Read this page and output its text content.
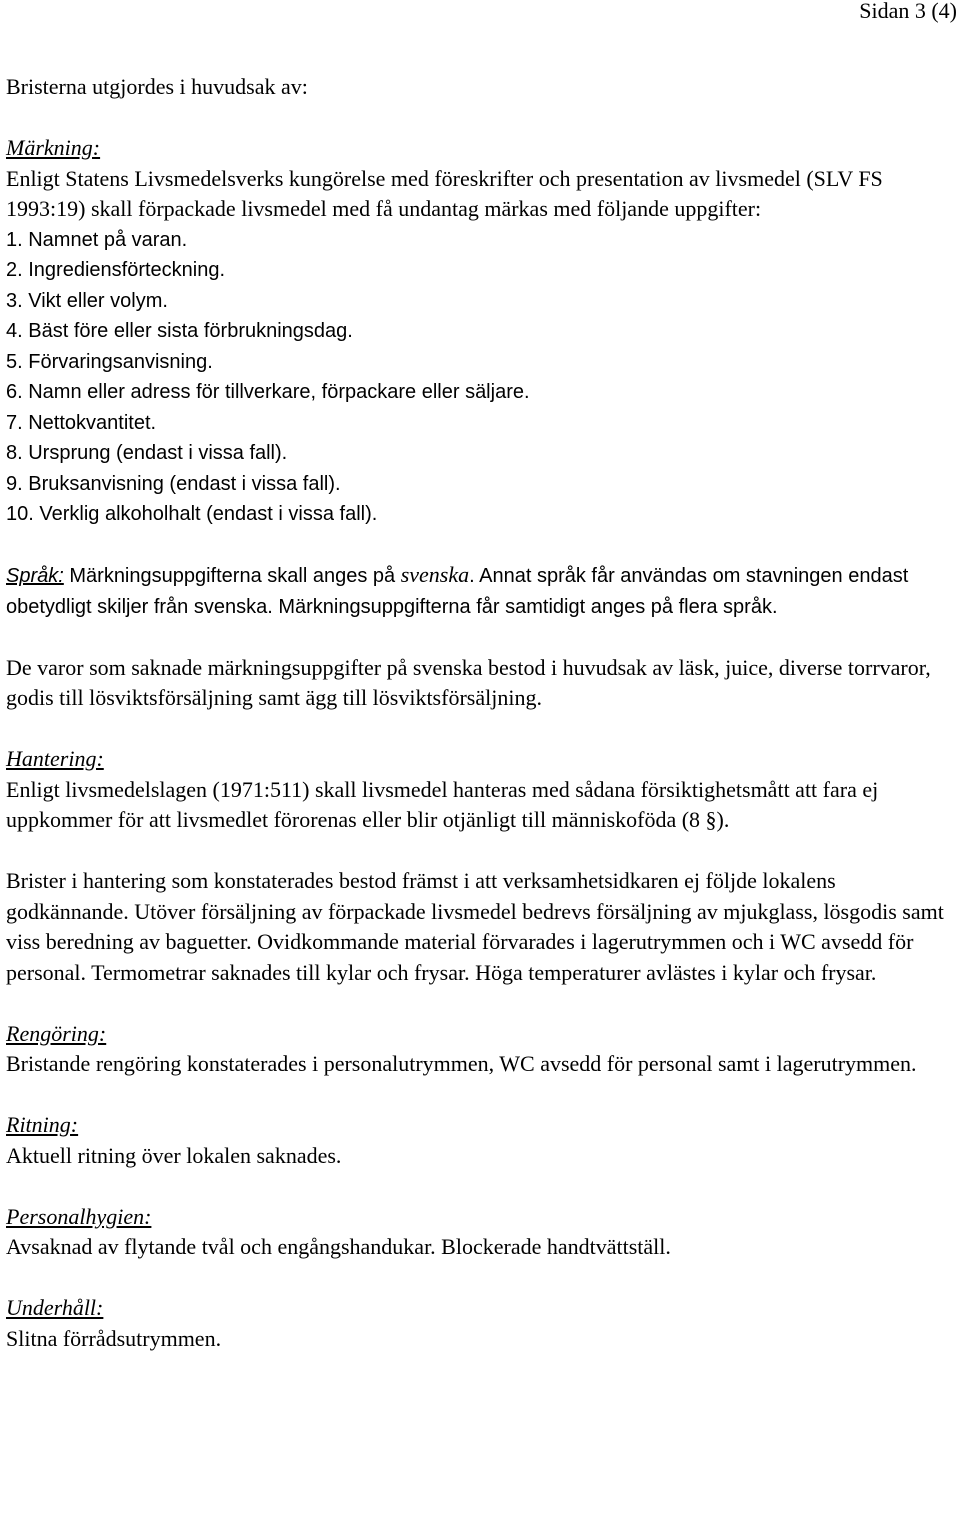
Sidan 3 (4)

Bristerna utgjordes i huvudsak av:

Märkning:

Enligt Statens Livsmedelsverks kungörelse med föreskrifter och presentation av livsmedel (SLV FS 1993:19) skall förpackade livsmedel med få undantag märkas med följande uppgifter:

1. Namnet på varan.

2. Ingrediensförteckning.

3. Vikt eller volym.

4. Bäst före eller sista förbrukningsdag.

5. Förvaringsanvisning.

6. Namn eller adress för tillverkare, förpackare eller säljare.

7. Nettokvantitet.

8. Ursprung (endast i vissa fall).

9. Bruksanvisning (endast i vissa fall).

10. Verklig alkoholhalt (endast i vissa fall).

Språk: Märkningsuppgifterna skall anges på svenska. Annat språk får användas om stavningen endast obetydligt skiljer från svenska. Märkningsuppgifterna får samtidigt anges på flera språk.

De varor som saknade märkningsuppgifter på svenska bestod i huvudsak av läsk, juice, diverse torrvaror, godis till lösviktsförsäljning samt ägg till lösviktsförsäljning.

Hantering:

Enligt livsmedelslagen (1971:511) skall livsmedel hanteras med sådana försiktighetsmått att fara ej uppkommer för att livsmedlet förorenas eller blir otjänligt till människoföda (8 §).

Brister i hantering som konstaterades bestod främst i att verksamhetsidkaren ej följde lokalens godkännande. Utöver försäljning av förpackade livsmedel bedrevs försäljning av mjukglass, lösgodis samt viss beredning av baguetter. Ovidkommande material förvarades i lagerutrymmen och i WC avsedd för personal. Termometrar saknades till kylar och frysar. Höga temperaturer avlästes i kylar och frysar.

Rengöring:

Bristande rengöring konstaterades i personalutrymmen, WC avsedd för personal samt i lagerutrymmen.

Ritning:

Aktuell ritning över lokalen saknades.

Personalhygien:

Avsaknad av flytande tvål och engångshandukar. Blockerade handtvättställ.

Underhåll:

Slitna förrådsutrymmen.
